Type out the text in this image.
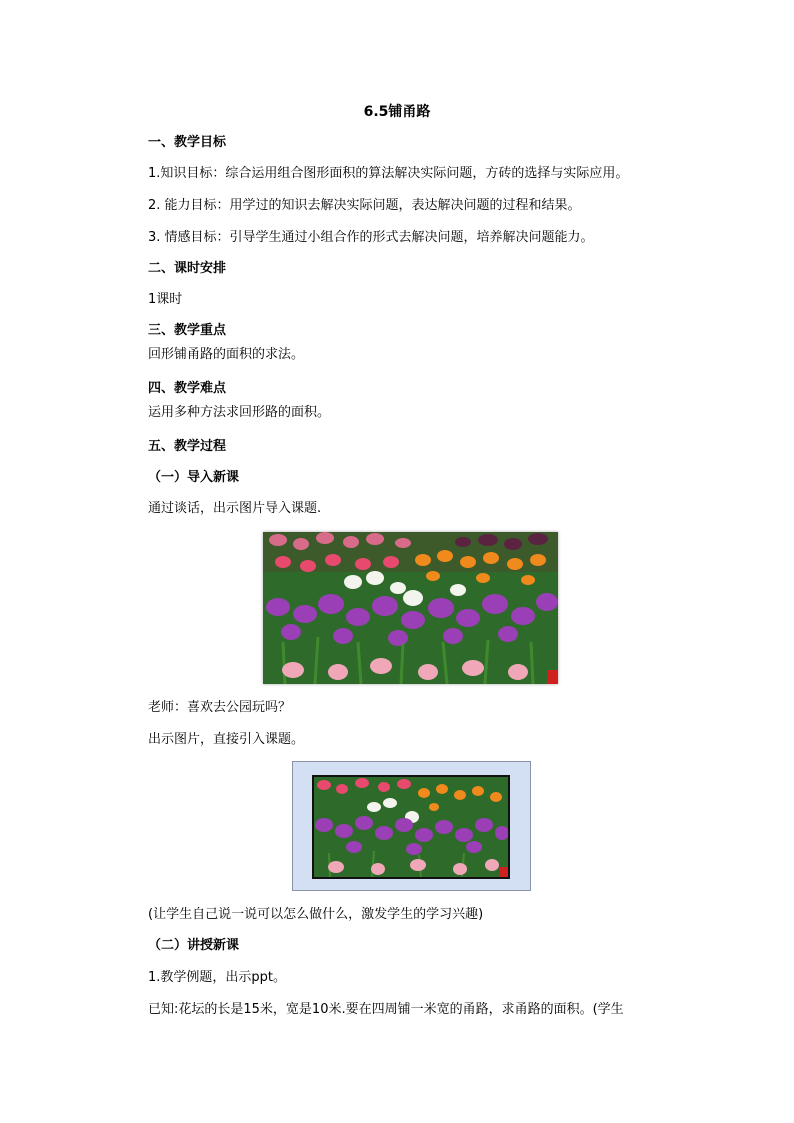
6.5铺甬路
一、教学目标
1.知识目标：综合运用组合图形面积的算法解决实际问题，方砖的选择与实际应用。
2. 能力目标：用学过的知识去解决实际问题，表达解决问题的过程和结果。
3. 情感目标：引导学生通过小组合作的形式去解决问题，培养解决问题能力。
二、课时安排
1课时
三、教学重点
回形铺甬路的面积的求法。
四、教学难点
运用多种方法求回形路的面积。
五、教学过程
（一）导入新课
通过谈话，出示图片导入课题.
老师：喜欢去公园玩吗？
出示图片，直接引入课题。
(让学生自己说一说可以怎么做什么，激发学生的学习兴趣)
（二）讲授新课
1.教学例题，出示ppt。
已知:花坛的长是15米，宽是10米.要在四周铺一米宽的甬路，求甬路的面积。(学生
